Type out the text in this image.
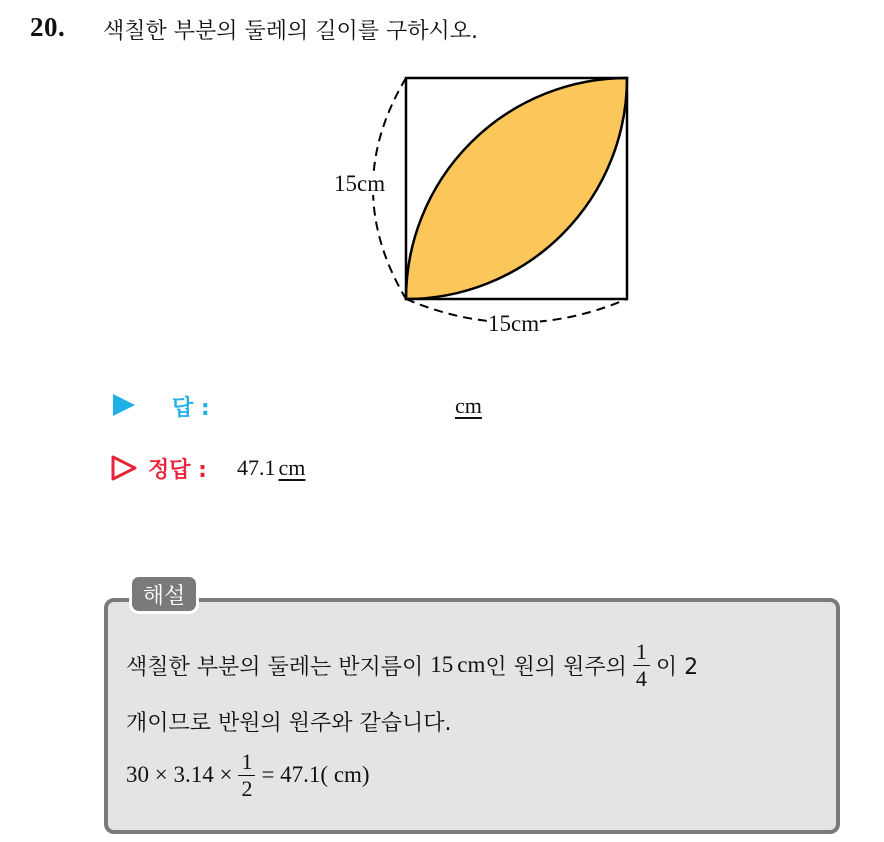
20. 색칠한 부분의 둘레의 길이를 구하시오.
15cm
15cm
답 :	cm
정답 : 47.1 cm
해설
색칠한 부분의 둘레는 반지름이 15 cm 인 원의 원주의 $\frac{1}{4}$ 이 2
개이므로 반원의 원주와 같습니다.
$30 \times 3.14 \times \frac{1}{2} = 47.1$( cm)
